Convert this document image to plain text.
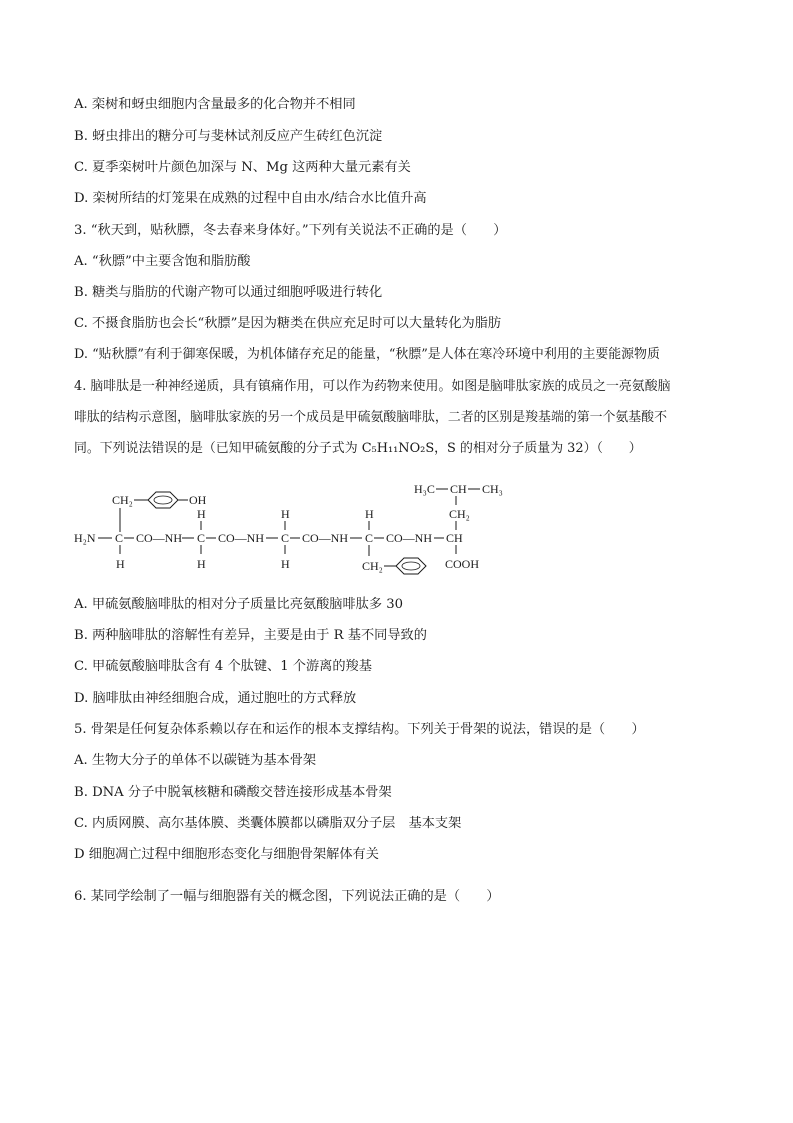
A. 栾树和蚜虫细胞内含量最多的化合物并不相同
B. 蚜虫排出的糖分可与斐林试剂反应产生砖红色沉淀
C. 夏季栾树叶片颜色加深与 N、Mg 这两种大量元素有关
D. 栾树所结的灯笼果在成熟的过程中自由水/结合水比值升高
3. “秋天到，贴秋膘，冬去春来身体好。”下列有关说法不正确的是（　　）
A. “秋膘”中主要含饱和脂肪酸
B. 糖类与脂肪的代谢产物可以通过细胞呼吸进行转化
C. 不摄食脂肪也会长“秋膘”是因为糖类在供应充足时可以大量转化为脂肪
D. “贴秋膘”有利于御寒保暖，为机体储存充足的能量，“秋膘”是人体在寒冷环境中利用的主要能源物质
4. 脑啡肽是一种神经递质，具有镇痛作用，可以作为药物来使用。如图是脑啡肽家族的成员之一亮氨酸脑
啡肽的结构示意图，脑啡肽家族的另一个成员是甲硫氨酸脑啡肽，二者的区别是羧基端的第一个氨基酸不
同。下列说法错误的是（已知甲硫氨酸的分子式为 C₅H₁₁NO₂S，S 的相对分子质量为 32）（　　）
CH₂	OH
H₂N C CO—NH C CO—NH C CO—NH C CO—NH CH
H
H
H
H
H
H
CH₂
H₃C CH CH₃
CH₂
COOH
A. 甲硫氨酸脑啡肽的相对分子质量比亮氨酸脑啡肽多 30
B. 两种脑啡肽的溶解性有差异，主要是由于 R 基不同导致的
C. 甲硫氨酸脑啡肽含有 4 个肽键、1 个游离的羧基
D. 脑啡肽由神经细胞合成，通过胞吐的方式释放
5. 骨架是任何复杂体系赖以存在和运作的根本支撑结构。下列关于骨架的说法，错误的是（　　）
A. 生物大分子的单体不以碳链为基本骨架
B. DNA 分子中脱氧核糖和磷酸交替连接形成基本骨架
C. 内质网膜、高尔基体膜、类囊体膜都以磷脂双分子层　基本支架
D 细胞凋亡过程中细胞形态变化与细胞骨架解体有关
6. 某同学绘制了一幅与细胞器有关的概念图，下列说法正确的是（　　）
